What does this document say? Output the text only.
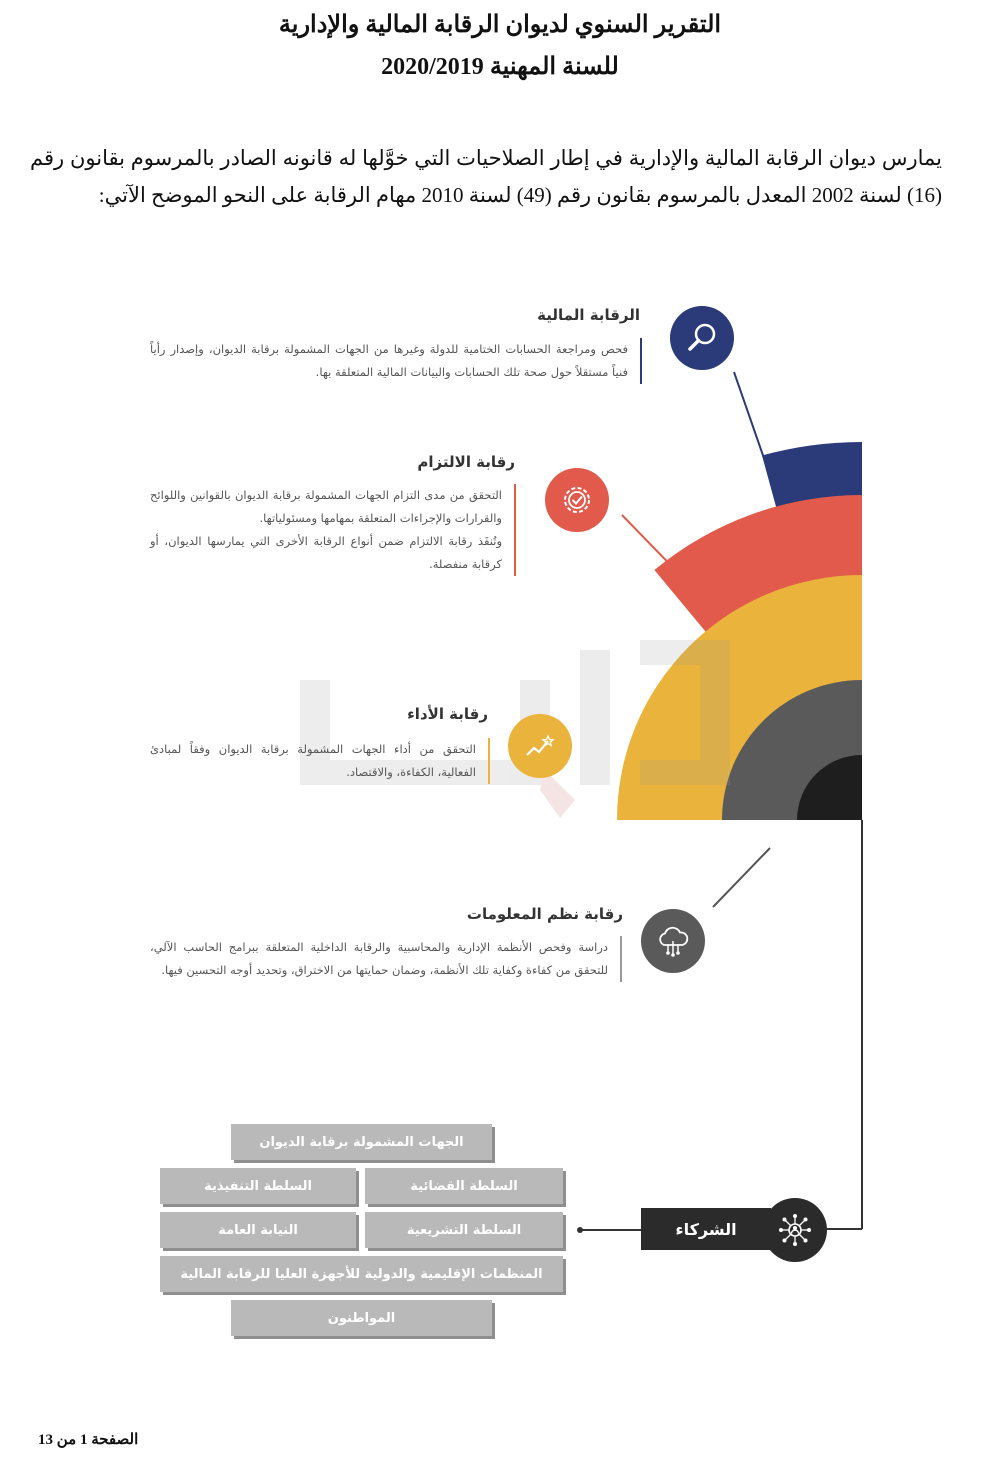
التقرير السنوي لديوان الرقابة المالية والإدارية
للسنة المهنية 2020/2019
يمارس ديوان الرقابة المالية والإدارية في إطار الصلاحيات التي خوَّلها له قانونه الصادر بالمرسوم بقانون رقم (16) لسنة 2002 المعدل بالمرسوم بقانون رقم (49) لسنة 2010 مهام الرقابة على النحو الموضح الآتي:
الرقابة المالية
فحص ومراجعة الحسابات الختامية للدولة وغيرها من الجهات المشمولة برقابة الديوان، وإصدار رأياً فنياً مستقلاً حول صحة تلك الحسابات والبيانات المالية المتعلقة بها.
رقابة الالتزام
التحقق من مدى التزام الجهات المشمولة برقابة الديوان بالقوانين واللوائح والقرارات والإجراءات المتعلقة بمهامها ومسئولياتها.
وتُنفَذ رقابة الالتزام ضمن أنواع الرقابة الأخرى التي يمارسها الديوان، أو كرقابة منفصلة.
رقابة الأداء
التحقق من أداء الجهات المشمولة برقابة الديوان وفقاً لمبادئ الفعالية، الكفاءة، والاقتصاد.
رقابة نظم المعلومات
دراسة وفحص الأنظمة الإدارية والمحاسبية والرقابة الداخلية المتعلقة ببرامج الحاسب الآلي، للتحقق من كفاءة وكفاية تلك الأنظمة، وضمان حمايتها من الاختراق، وتحديد أوجه التحسين فيها.
الشركاء
الجهات المشمولة برقابة الديوان
السلطة القضائية
السلطة التنفيذية
السلطة التشريعية
النيابة العامة
المنظمات الإقليمية والدولية للأجهزة العليا للرقابة المالية
المواطنون
الصفحة 1 من 13
